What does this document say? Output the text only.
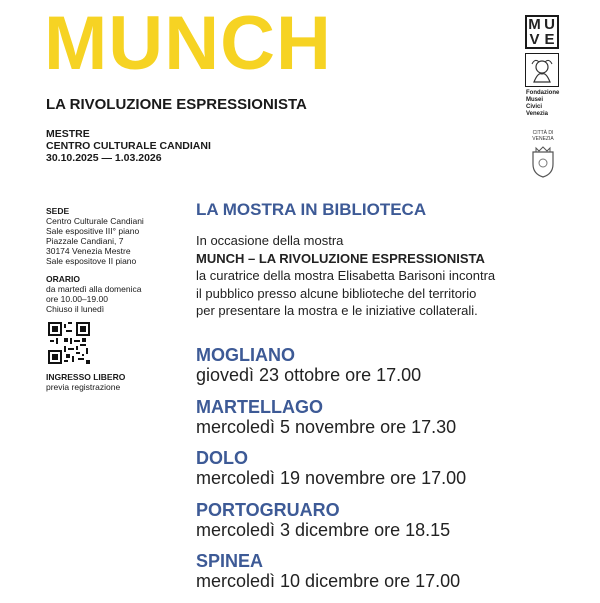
MUNCH
LA RIVOLUZIONE ESPRESSIONISTA
MESTRE
CENTRO CULTURALE CANDIANI
30.10.2025 — 1.03.2026
M U
V E
Fondazione
Musei
Civici
Venezia
CITTÀ DI
VENEZIA
SEDE
Centro Culturale Candiani
Sale espositive III° piano
Piazzale Candiani, 7
30174 Venezia Mestre
Sale espositove II piano
ORARIO
da martedì alla domenica
ore 10.00–19.00
Chiuso il lunedì
INGRESSO LIBERO
previa registrazione
LA MOSTRA IN BIBLIOTECA
In occasione della mostra
MUNCH – LA RIVOLUZIONE ESPRESSIONISTA
la curatrice della mostra Elisabetta Barisoni incontra
il pubblico presso alcune biblioteche del territorio
per presentare la mostra e le iniziative collaterali.
MOGLIANO
giovedì 23 ottobre ore 17.00
MARTELLAGO
mercoledì 5 novembre ore 17.30
DOLO
mercoledì 19 novembre ore 17.00
PORTOGRUARO
mercoledì 3 dicembre ore 18.15
SPINEA
mercoledì 10 dicembre ore 17.00
